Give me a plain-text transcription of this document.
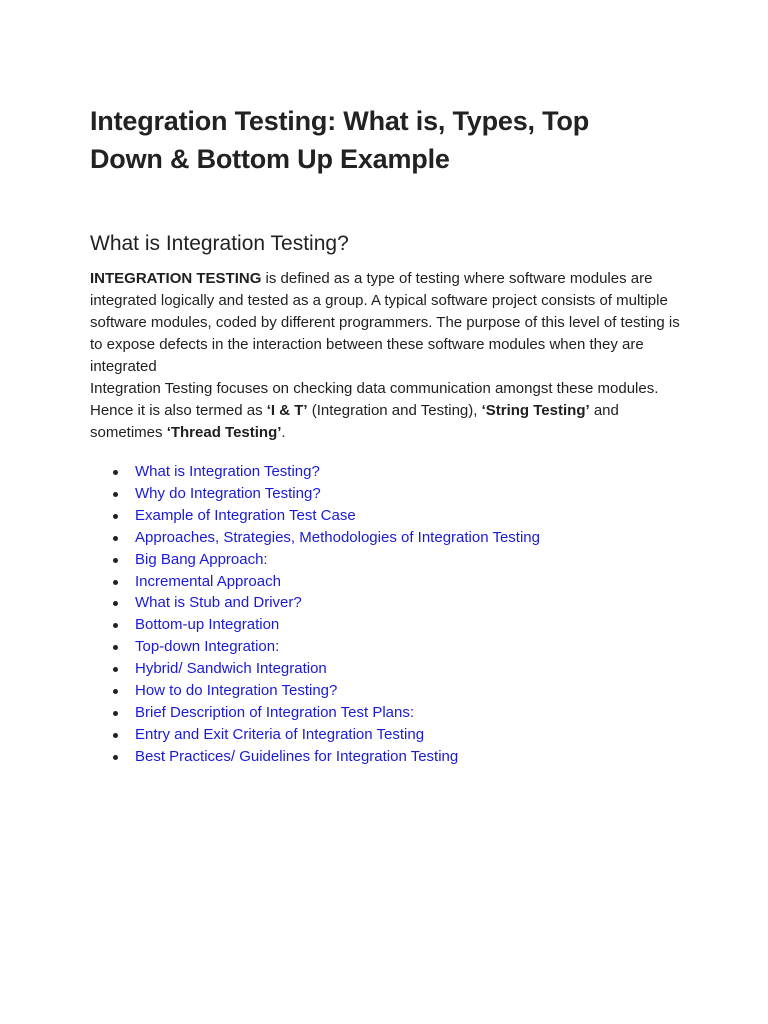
Integration Testing: What is, Types, Top
Down & Bottom Up Example
What is Integration Testing?

INTEGRATION TESTING is defined as a type of testing where software modules are integrated logically and tested as a group. A typical software project consists of multiple software modules, coded by different programmers. The purpose of this level of testing is to expose defects in the interaction between these software modules when they are integrated
Integration Testing focuses on checking data communication amongst these modules. Hence it is also termed as ‘I & T’ (Integration and Testing), ‘String Testing’ and sometimes ‘Thread Testing’.

What is Integration Testing?
Why do Integration Testing?
Example of Integration Test Case
Approaches, Strategies, Methodologies of Integration Testing
Big Bang Approach:
Incremental Approach
What is Stub and Driver?
Bottom-up Integration
Top-down Integration:
Hybrid/ Sandwich Integration
How to do Integration Testing?
Brief Description of Integration Test Plans:
Entry and Exit Criteria of Integration Testing
Best Practices/ Guidelines for Integration Testing
